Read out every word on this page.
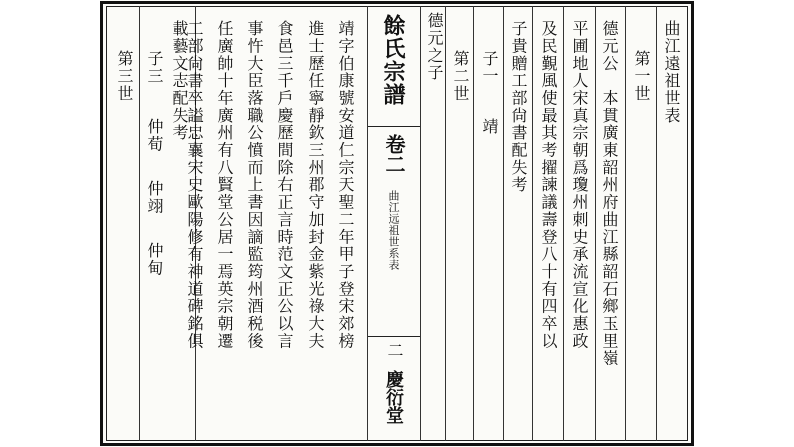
曲江遠祖世表
第一世
德元公　本貫廣東韶州府曲江縣韶石鄉玉里嶺
平圃地人宋真宗朝爲瓊州刺史承流宣化惠政
及民覲風使最其考擢諫議壽登八十有四卒以
子貴贈工部尙書配失考
子一
靖
第二世
德元之子
餘氏宗譜
卷二
曲江远祖世系表
二
慶衍堂
靖字伯康號安道仁宗天聖二年甲子登宋郊榜
進士歷任寧靜欽三州郡守加封金紫光祿大夫
食邑三千戶慶歷間除右正言時范文正公以言
事忤大臣落職公憤而上書因謫監筠州酒税後
任廣帥十年廣州有八賢堂公居一焉英宗朝遷
工部尙書卒謚忠襄宋史歐陽修有神道碑銘俱
載藝文志配失考
子三
仲荀
仲翊
仲甸
第三世
